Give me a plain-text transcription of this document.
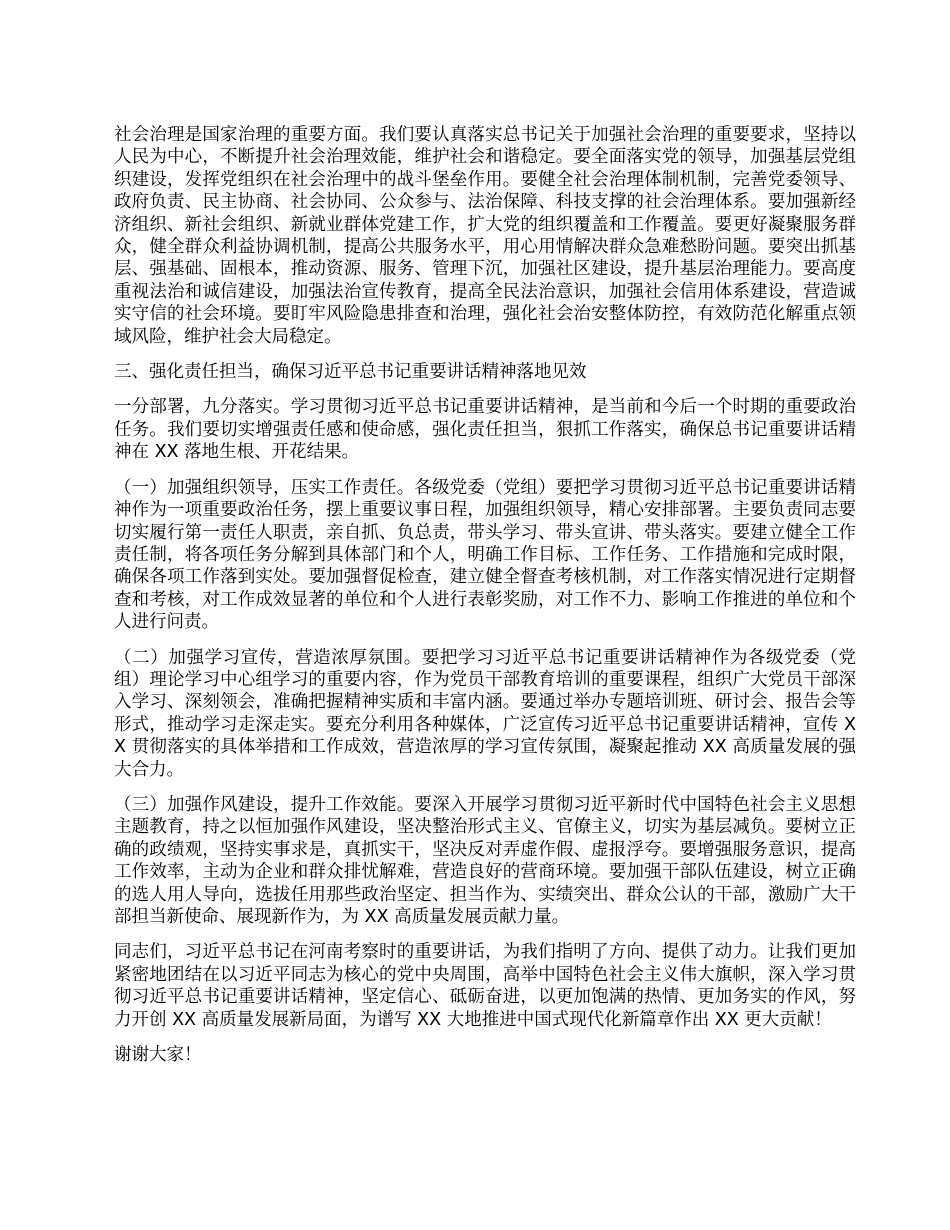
社会治理是国家治理的重要方面。我们要认真落实总书记关于加强社会治理的重要要求，坚持以人民为中心，不断提升社会治理效能，维护社会和谐稳定。要全面落实党的领导，加强基层党组织建设，发挥党组织在社会治理中的战斗堡垒作用。要健全社会治理体制机制，完善党委领导、政府负责、民主协商、社会协同、公众参与、法治保障、科技支撑的社会治理体系。要加强新经济组织、新社会组织、新就业群体党建工作，扩大党的组织覆盖和工作覆盖。要更好凝聚服务群众，健全群众利益协调机制，提高公共服务水平，用心用情解决群众急难愁盼问题。要突出抓基层、强基础、固根本，推动资源、服务、管理下沉，加强社区建设，提升基层治理能力。要高度重视法治和诚信建设，加强法治宣传教育，提高全民法治意识，加强社会信用体系建设，营造诚实守信的社会环境。要盯牢风险隐患排查和治理，强化社会治安整体防控，有效防范化解重点领域风险，维护社会大局稳定。

三、强化责任担当，确保习近平总书记重要讲话精神落地见效

一分部署，九分落实。学习贯彻习近平总书记重要讲话精神，是当前和今后一个时期的重要政治任务。我们要切实增强责任感和使命感，强化责任担当，狠抓工作落实，确保总书记重要讲话精神在 XX 落地生根、开花结果。

（一）加强组织领导，压实工作责任。各级党委（党组）要把学习贯彻习近平总书记重要讲话精神作为一项重要政治任务，摆上重要议事日程，加强组织领导，精心安排部署。主要负责同志要切实履行第一责任人职责，亲自抓、负总责，带头学习、带头宣讲、带头落实。要建立健全工作责任制，将各项任务分解到具体部门和个人，明确工作目标、工作任务、工作措施和完成时限，确保各项工作落到实处。要加强督促检查，建立健全督查考核机制，对工作落实情况进行定期督查和考核，对工作成效显著的单位和个人进行表彰奖励，对工作不力、影响工作推进的单位和个人进行问责。

（二）加强学习宣传，营造浓厚氛围。要把学习习近平总书记重要讲话精神作为各级党委（党组）理论学习中心组学习的重要内容，作为党员干部教育培训的重要课程，组织广大党员干部深入学习、深刻领会，准确把握精神实质和丰富内涵。要通过举办专题培训班、研讨会、报告会等形式，推动学习走深走实。要充分利用各种媒体，广泛宣传习近平总书记重要讲话精神，宣传 XX 贯彻落实的具体举措和工作成效，营造浓厚的学习宣传氛围，凝聚起推动 XX 高质量发展的强大合力。

（三）加强作风建设，提升工作效能。要深入开展学习贯彻习近平新时代中国特色社会主义思想主题教育，持之以恒加强作风建设，坚决整治形式主义、官僚主义，切实为基层减负。要树立正确的政绩观，坚持实事求是，真抓实干，坚决反对弄虚作假、虚报浮夸。要增强服务意识，提高工作效率，主动为企业和群众排忧解难，营造良好的营商环境。要加强干部队伍建设，树立正确的选人用人导向，选拔任用那些政治坚定、担当作为、实绩突出、群众公认的干部，激励广大干部担当新使命、展现新作为，为 XX 高质量发展贡献力量。

同志们，习近平总书记在河南考察时的重要讲话，为我们指明了方向、提供了动力。让我们更加紧密地团结在以习近平同志为核心的党中央周围，高举中国特色社会主义伟大旗帜，深入学习贯彻习近平总书记重要讲话精神，坚定信心、砥砺奋进，以更加饱满的热情、更加务实的作风，努力开创 XX 高质量发展新局面，为谱写 XX 大地推进中国式现代化新篇章作出 XX 更大贡献！

谢谢大家！
